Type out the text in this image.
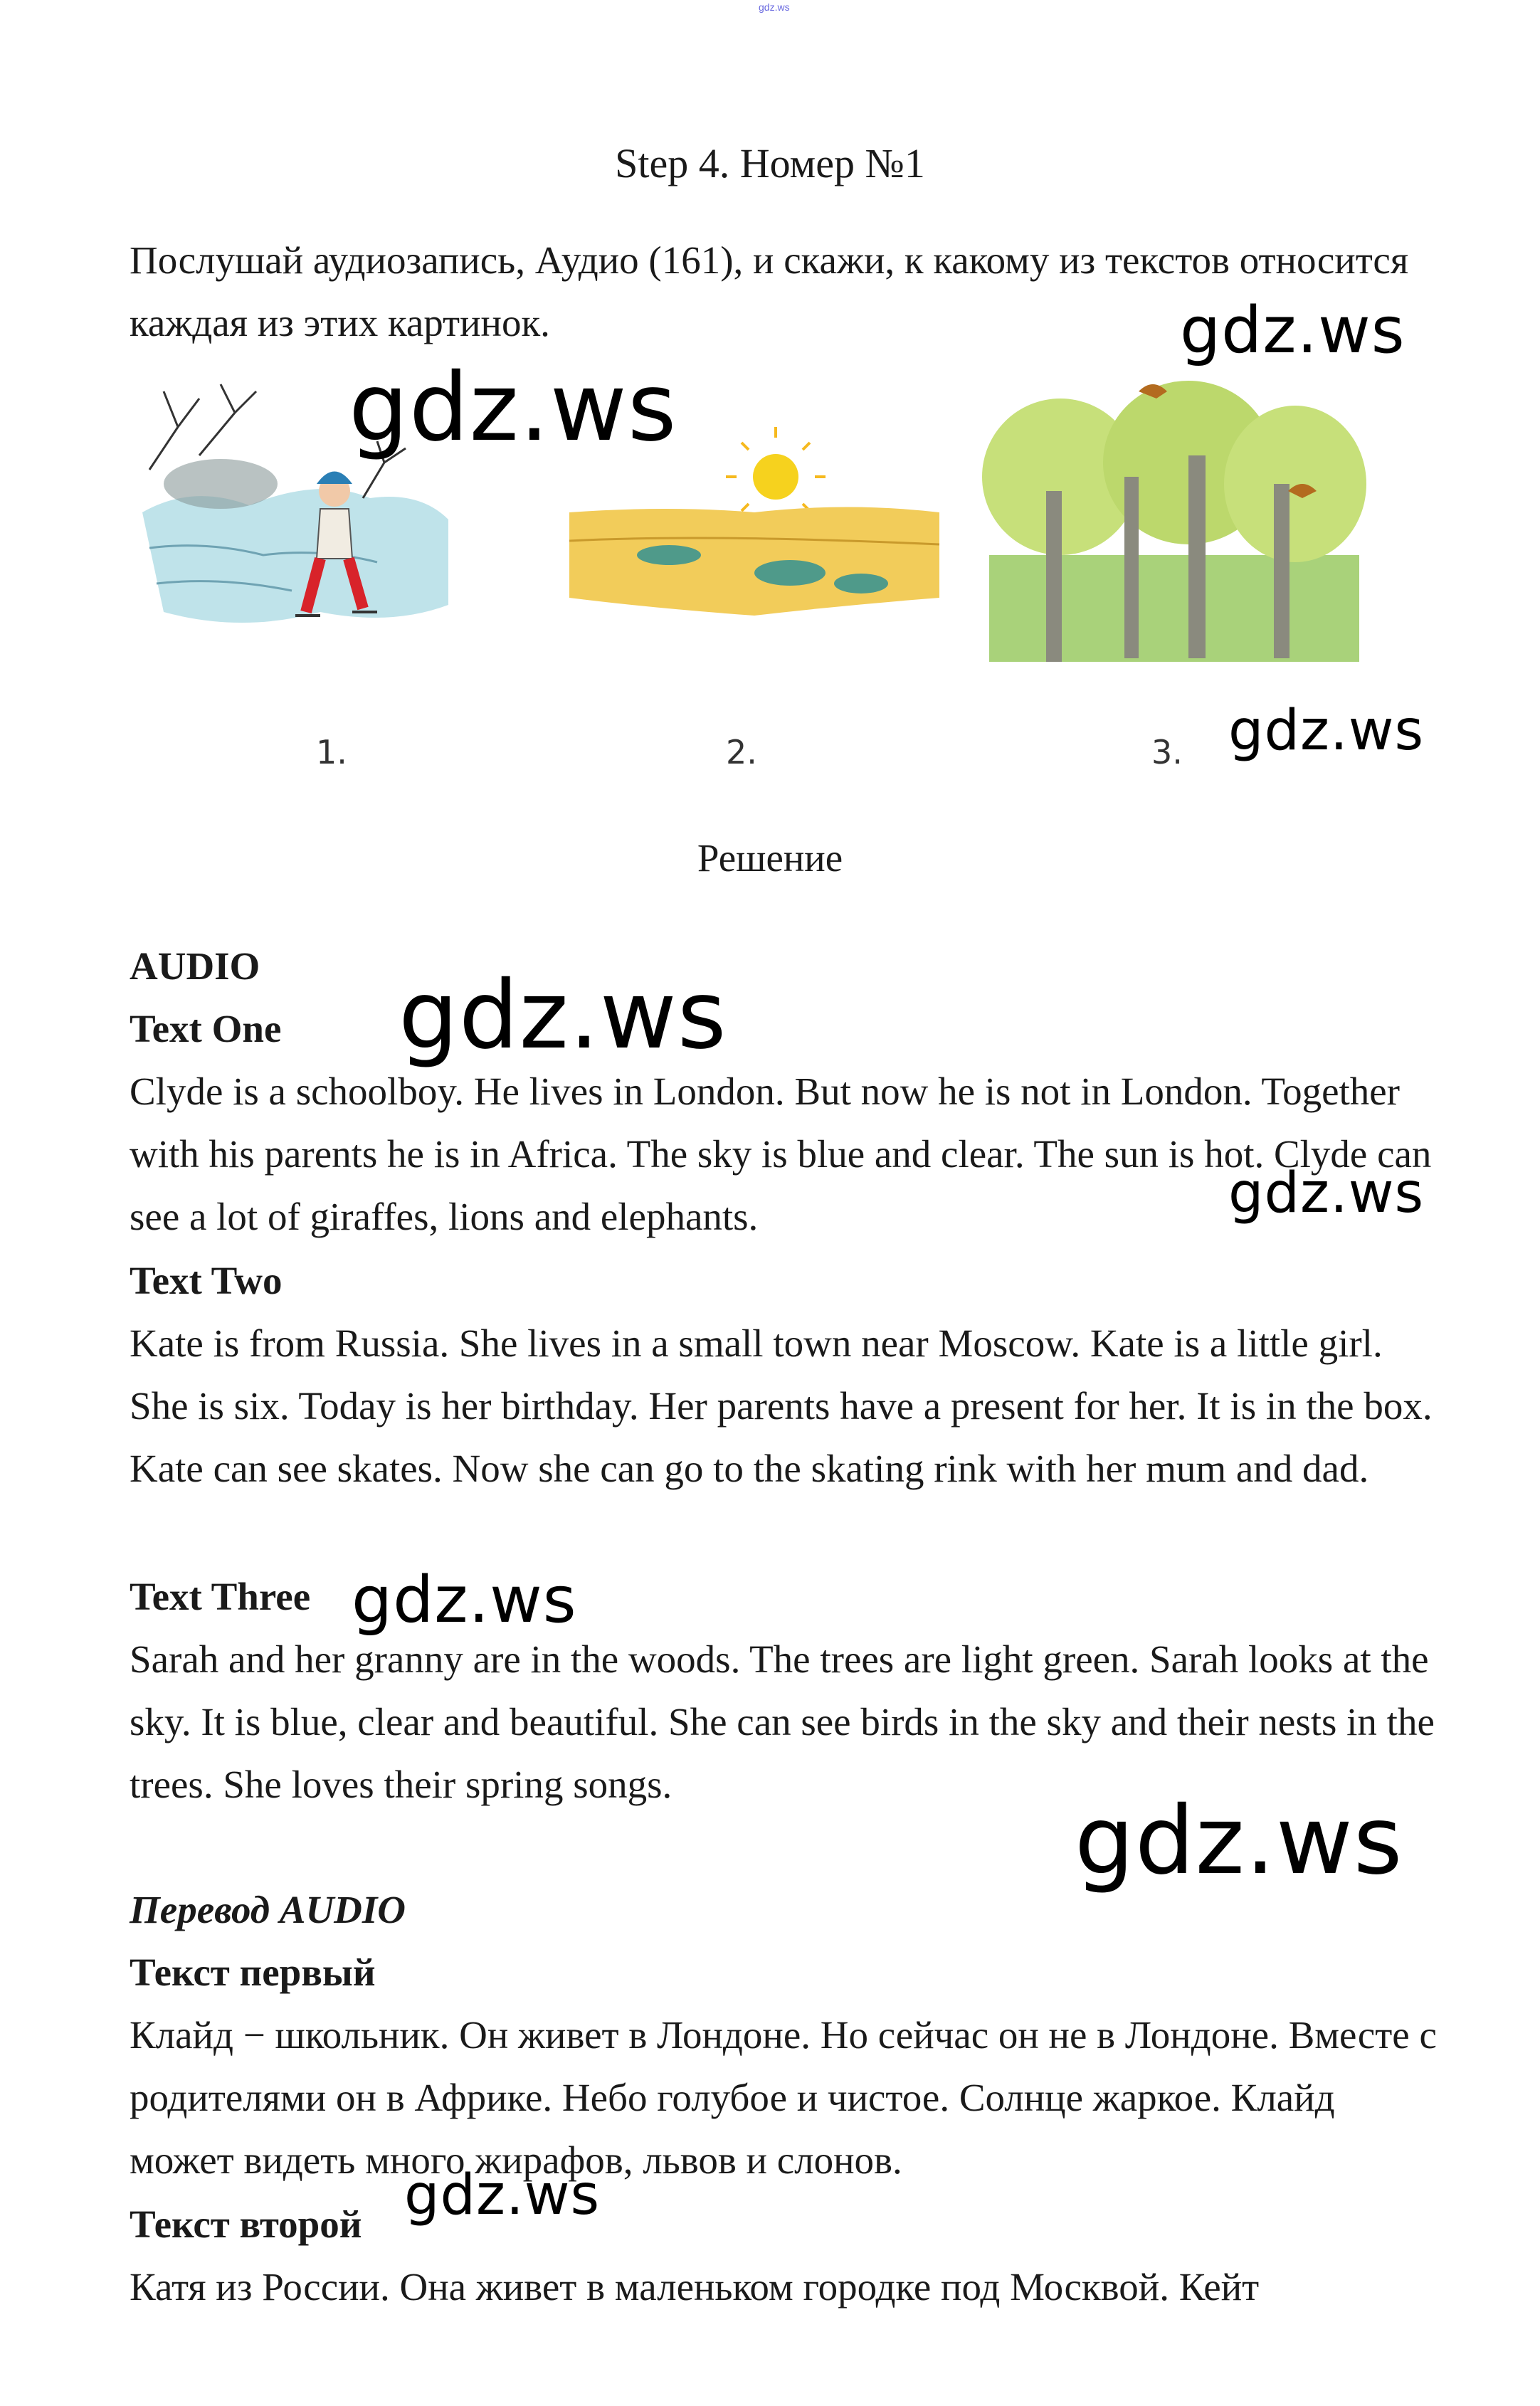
gdz.ws
Step 4. Номер №1

Послушай аудиозапись, Аудио (161), и скажи, к какому из текстов относится каждая из этих картинок.

1.	2.	3.
Решение
AUDIO
Text One

Clyde is a schoolboy. He lives in London. But now he is not in London. Together with his parents he is in Africa. The sky is blue and clear. The sun is hot. Clyde can see a lot of giraffes, lions and elephants.

Text Two

Kate is from Russia. She lives in a small town near Moscow. Kate is a little girl. She is six. Today is her birthday. Her parents have a present for her. It is in the box. Kate can see skates. Now she can go to the skating rink with her mum and dad.

Text Three

Sarah and her granny are in the woods. The trees are light green. Sarah looks at the sky. It is blue, clear and beautiful. She can see birds in the sky and their nests in the trees. She loves their spring songs.

Перевод AUDIO
Текст первый

Клайд − школьник. Он живет в Лондоне. Но сейчас он не в Лондоне. Вместе с родителями он в Африке. Небо голубое и чистое. Солнце жаркое. Клайд может видеть много жирафов, львов и слонов.

Текст второй

Катя из России. Она живет в маленьком городке под Москвой. Кейт

gdz.ws
gdz.ws
gdz.ws
gdz.ws
gdz.ws
gdz.ws
gdz.ws
gdz.ws
